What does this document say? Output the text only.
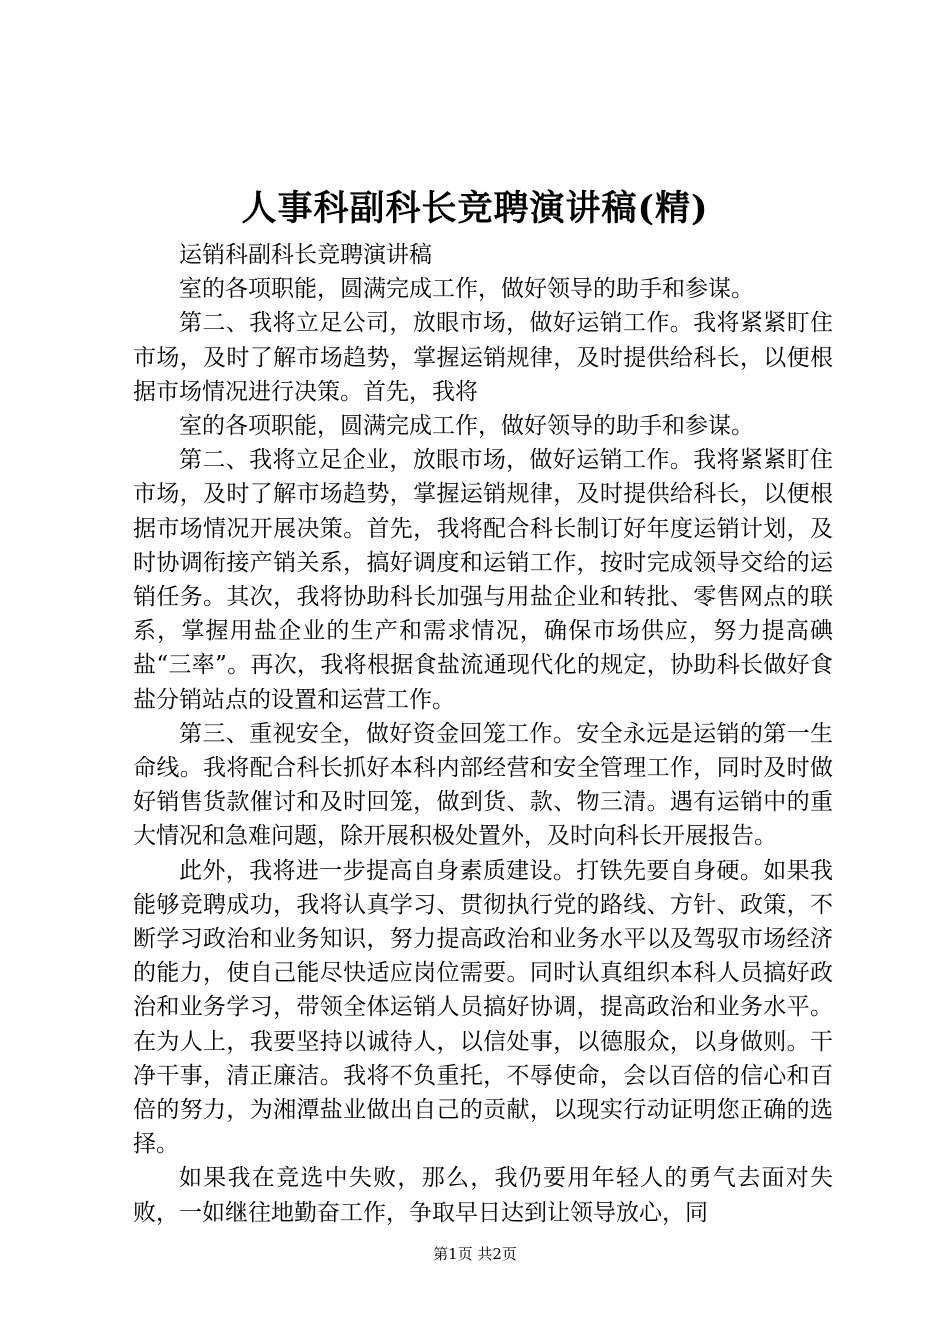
人事科副科长竞聘演讲稿(精)

运销科副科长竞聘演讲稿

室的各项职能，圆满完成工作，做好领导的助手和参谋。

第二、我将立足公司，放眼市场，做好运销工作。我将紧紧盯住市场，及时了解市场趋势，掌握运销规律，及时提供给科长，以便根据市场情况进行决策。首先，我将

室的各项职能，圆满完成工作，做好领导的助手和参谋。

第二、我将立足企业，放眼市场，做好运销工作。我将紧紧盯住市场，及时了解市场趋势，掌握运销规律，及时提供给科长，以便根据市场情况开展决策。首先，我将配合科长制订好年度运销计划，及时协调衔接产销关系，搞好调度和运销工作，按时完成领导交给的运销任务。其次，我将协助科长加强与用盐企业和转批、零售网点的联系，掌握用盐企业的生产和需求情况，确保市场供应，努力提高碘盐“三率”。再次，我将根据食盐流通现代化的规定，协助科长做好食盐分销站点的设置和运营工作。

第三、重视安全，做好资金回笼工作。安全永远是运销的第一生命线。我将配合科长抓好本科内部经营和安全管理工作，同时及时做好销售货款催讨和及时回笼，做到货、款、物三清。遇有运销中的重大情况和急难问题，除开展积极处置外，及时向科长开展报告。

此外，我将进一步提高自身素质建设。打铁先要自身硬。如果我能够竞聘成功，我将认真学习、贯彻执行党的路线、方针、政策，不断学习政治和业务知识，努力提高政治和业务水平以及驾驭市场经济的能力，使自己能尽快适应岗位需要。同时认真组织本科人员搞好政治和业务学习，带领全体运销人员搞好协调，提高政治和业务水平。在为人上，我要坚持以诚待人，以信处事，以德服众，以身做则。干净干事，清正廉洁。我将不负重托，不辱使命，会以百倍的信心和百倍的努力，为湘潭盐业做出自己的贡献，以现实行动证明您正确的选择。

如果我在竞选中失败，那么，我仍要用年轻人的勇气去面对失败，一如继往地勤奋工作，争取早日达到让领导放心，同

第1页 共2页
